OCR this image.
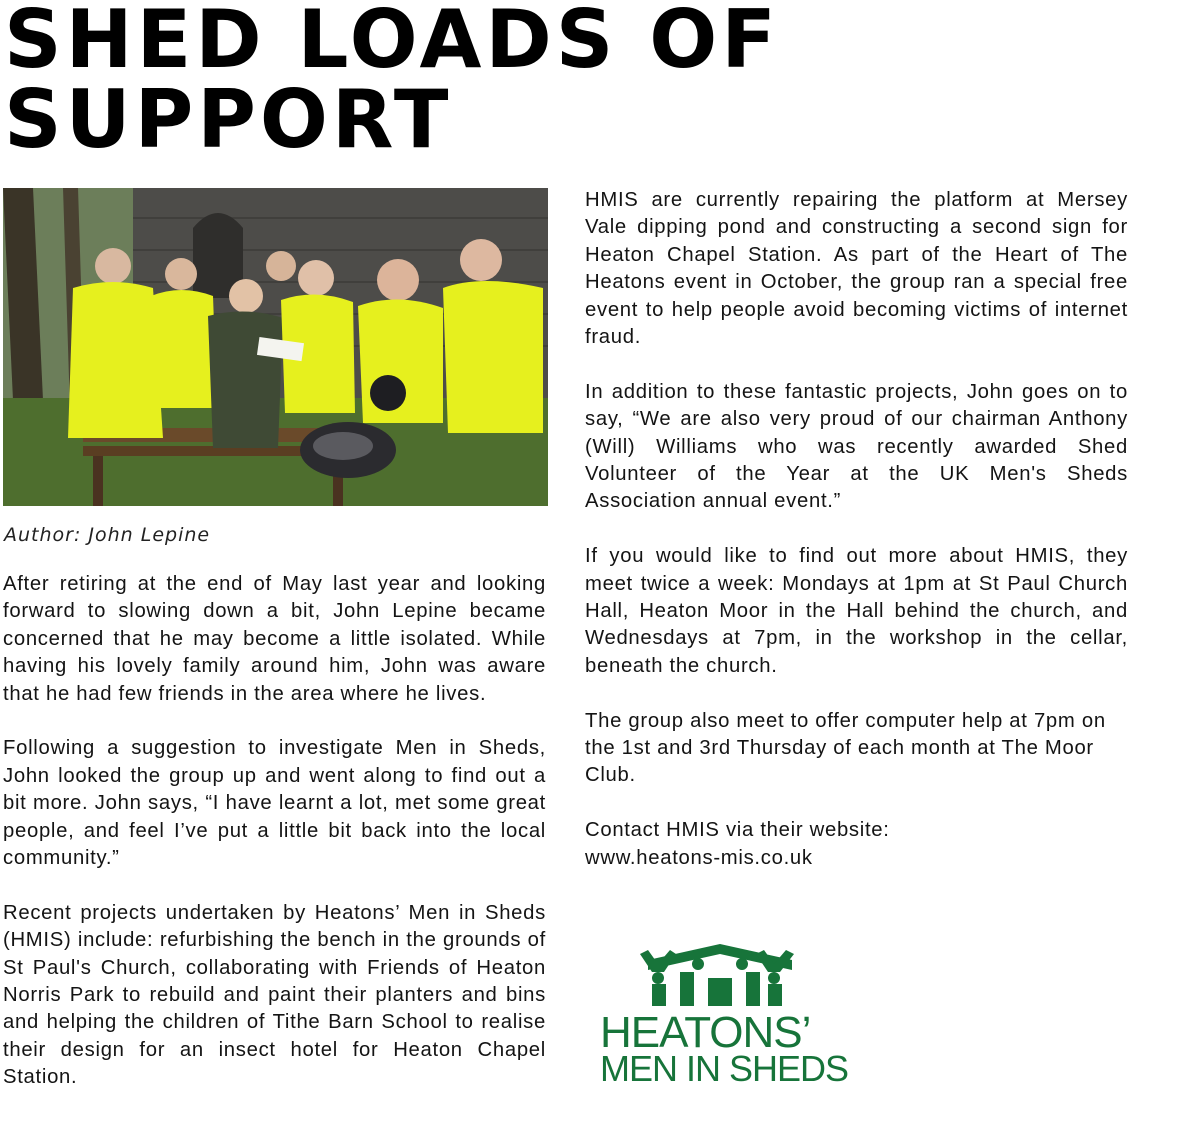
SHED LOADS OF
SUPPORT

Author: John Lepine

After retiring at the end of May last year and looking forward to slowing down a bit, John Lepine became concerned that he may become a little isolated. While having his lovely family around him, John was aware that he had few friends in the area where he lives.

Following a suggestion to investigate Men in Sheds, John looked the group up and went along to find out a bit more. John says, “I have learnt a lot, met some great people, and feel I’ve put a little bit back into the local community.”

Recent projects undertaken by Heatons’ Men in Sheds (HMIS) include: refurbishing the bench in the grounds of St Paul's Church, collaborating with Friends of Heaton Norris Park to rebuild and paint their planters and bins and helping the children of Tithe Barn School to realise their design for an insect hotel for Heaton Chapel Station.

HMIS are currently repairing the platform at Mersey Vale dipping pond and constructing a second sign for Heaton Chapel Station. As part of the Heart of The Heatons event in October, the group ran a special free event to help people avoid becoming victims of internet fraud.

In addition to these fantastic projects, John goes on to say, “We are also very proud of our chairman Anthony (Will) Williams who was recently awarded Shed Volunteer of the Year at the UK Men's Sheds Association annual event.”

If you would like to find out more about HMIS, they meet twice a week: Mondays at 1pm at St Paul Church Hall, Heaton Moor in the Hall behind the church, and Wednesdays at 7pm, in the workshop in the cellar, beneath the church.

The group also meet to offer computer help at 7pm on the 1st and 3rd Thursday of each month at The Moor Club.

Contact HMIS via their website:
www.heatons-mis.co.uk

HEATONS’
MEN IN SHEDS
